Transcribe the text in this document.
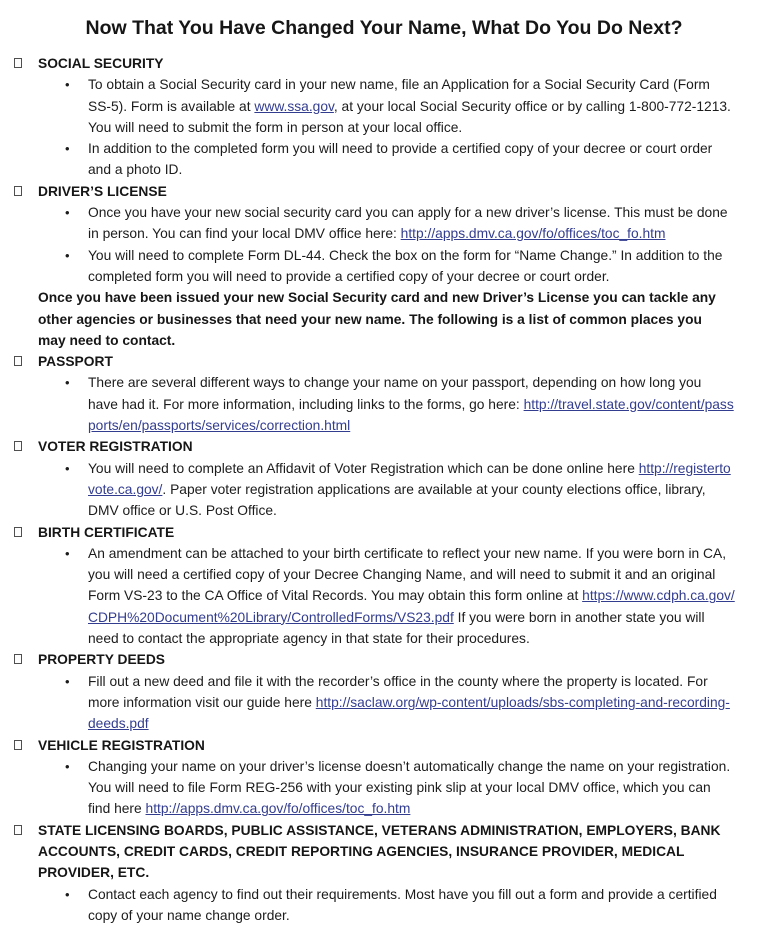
Now That You Have Changed Your Name, What Do You Do Next?
SOCIAL SECURITY
• To obtain a Social Security card in your new name, file an Application for a Social Security Card (Form SS-5). Form is available at www.ssa.gov, at your local Social Security office or by calling 1-800-772-1213. You will need to submit the form in person at your local office.
• In addition to the completed form you will need to provide a certified copy of your decree or court order and a photo ID.
DRIVER’S LICENSE
• Once you have your new social security card you can apply for a new driver’s license. This must be done in person. You can find your local DMV office here: http://apps.dmv.ca.gov/fo/offices/toc_fo.htm
• You will need to complete Form DL-44. Check the box on the form for “Name Change.” In addition to the completed form you will need to provide a certified copy of your decree or court order.
Once you have been issued your new Social Security card and new Driver’s License you can tackle any other agencies or businesses that need your new name. The following is a list of common places you may need to contact.
PASSPORT
• There are several different ways to change your name on your passport, depending on how long you have had it. For more information, including links to the forms, go here: http://travel.state.gov/content/passports/en/passports/services/correction.html
VOTER REGISTRATION
• You will need to complete an Affidavit of Voter Registration which can be done online here http://registertovote.ca.gov/. Paper voter registration applications are available at your county elections office, library, DMV office or U.S. Post Office.
BIRTH CERTIFICATE
• An amendment can be attached to your birth certificate to reflect your new name. If you were born in CA, you will need a certified copy of your Decree Changing Name, and will need to submit it and an original Form VS-23 to the CA Office of Vital Records. You may obtain this form online at https://www.cdph.ca.gov/CDPH%20Document%20Library/ControlledForms/VS23.pdf If you were born in another state you will need to contact the appropriate agency in that state for their procedures.
PROPERTY DEEDS
• Fill out a new deed and file it with the recorder’s office in the county where the property is located. For more information visit our guide here http://saclaw.org/wp-content/uploads/sbs-completing-and-recording-deeds.pdf
VEHICLE REGISTRATION
• Changing your name on your driver’s license doesn’t automatically change the name on your registration. You will need to file Form REG-256 with your existing pink slip at your local DMV office, which you can find here http://apps.dmv.ca.gov/fo/offices/toc_fo.htm
STATE LICENSING BOARDS, PUBLIC ASSISTANCE, VETERANS ADMINISTRATION, EMPLOYERS, BANK ACCOUNTS, CREDIT CARDS, CREDIT REPORTING AGENCIES, INSURANCE PROVIDER, MEDICAL PROVIDER, ETC.
• Contact each agency to find out their requirements. Most have you fill out a form and provide a certified copy of your name change order.
